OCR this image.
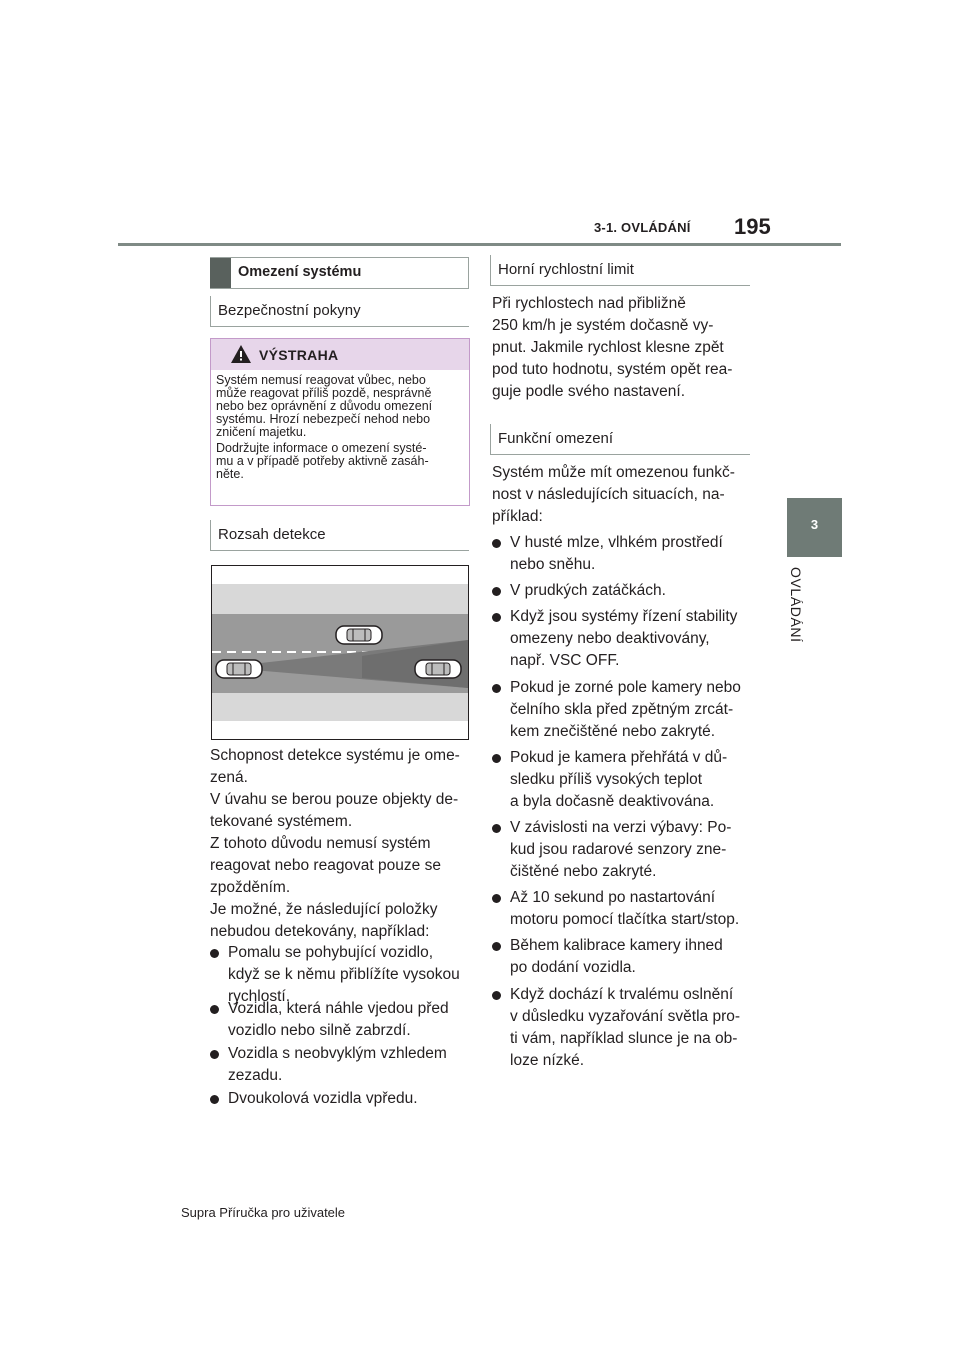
3-1. OVLÁDÁNÍ 195
3
OVLÁDÁNÍ
Omezení systému
Bezpečnostní pokyny
VÝSTRAHA
Systém nemusí reagovat vůbec, nebo
může reagovat příliš pozdě, nesprávně
nebo bez oprávnění z důvodu omezení
systému. Hrozí nebezpečí nehod nebo
zničení majetku.
Dodržujte informace o omezení systé-
mu a v případě potřeby aktivně zasáh-
něte.
Rozsah detekce
Schopnost detekce systému je ome-
zená.
V úvahu se berou pouze objekty de-
tekované systémem.
Z tohoto důvodu nemusí systém
reagovat nebo reagovat pouze se
zpožděním.
Je možné, že následující položky
nebudou detekovány, například:
Pomalu se pohybující vozidlo,
když se k němu přiblížíte vysokou
rychlostí.
Vozidla, která náhle vjedou před
vozidlo nebo silně zabrzdí.
Vozidla s neobvyklým vzhledem
zezadu.
Dvoukolová vozidla vpředu.
Horní rychlostní limit
Při rychlostech nad přibližně
250 km/h je systém dočasně vy-
pnut. Jakmile rychlost klesne zpět
pod tuto hodnotu, systém opět rea-
guje podle svého nastavení.
Funkční omezení
Systém může mít omezenou funkč-
nost v následujících situacích, na-
příklad:
V husté mlze, vlhkém prostředí
nebo sněhu.
V prudkých zatáčkách.
Když jsou systémy řízení stability
omezeny nebo deaktivovány,
např. VSC OFF.
Pokud je zorné pole kamery nebo
čelního skla před zpětným zrcát-
kem znečištěné nebo zakryté.
Pokud je kamera přehřátá v dů-
sledku příliš vysokých teplot
a byla dočasně deaktivována.
V závislosti na verzi výbavy: Po-
kud jsou radarové senzory zne-
čištěné nebo zakryté.
Až 10 sekund po nastartování
motoru pomocí tlačítka start/stop.
Během kalibrace kamery ihned
po dodání vozidla.
Když dochází k trvalému oslnění
v důsledku vyzařování světla pro-
ti vám, například slunce je na ob-
loze nízké.
Supra Příručka pro uživatele
